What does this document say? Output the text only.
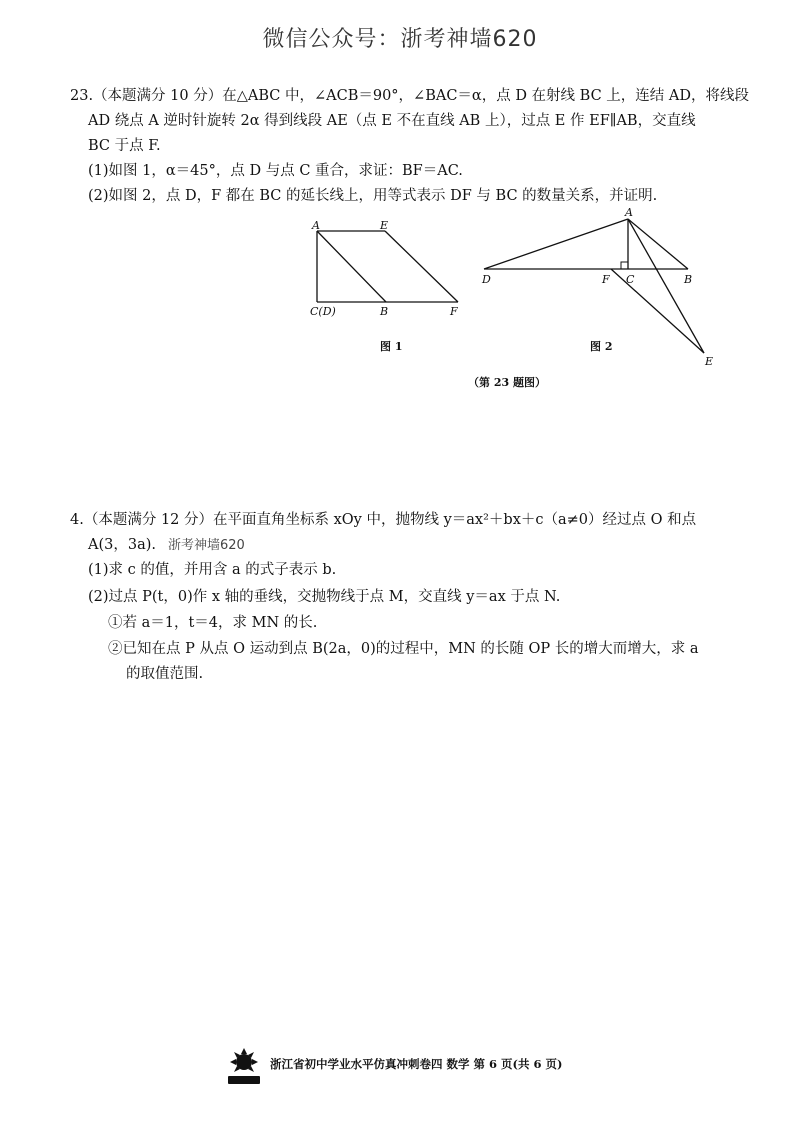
微信公众号：浙考神墙620
23.（本题满分 10 分）在△ABC 中，∠ACB＝90°，∠BAC＝α，点 D 在射线 BC 上，连结 AD，将线段
AD 绕点 A 逆时针旋转 2α 得到线段 AE（点 E 不在直线 AB 上），过点 E 作 EF∥AB，交直线
BC 于点 F.
(1)如图 1，α＝45°，点 D 与点 C 重合，求证：BF＝AC.
(2)如图 2，点 D，F 都在 BC 的延长线上，用等式表示 DF 与 BC 的数量关系，并证明.
A	E
C(D)	B	F
图 1
A
D	F C	B
E
图 2
（第 23 题图）
4.（本题满分 12 分）在平面直角坐标系 xOy 中，抛物线 y＝ax²＋bx＋c（a≠0）经过点 O 和点
A(3，3a). 浙考神墙620
(1)求 c 的值，并用含 a 的式子表示 b.
(2)过点 P(t，0)作 x 轴的垂线，交抛物线于点 M，交直线 y＝ax 于点 N.
①若 a＝1，t＝4，求 MN 的长.
②已知在点 P 从点 O 运动到点 B(2a，0)的过程中，MN 的长随 OP 长的增大而增大，求 a
的取值范围.
浙江省初中学业水平仿真冲刺卷四 数学 第 6 页(共 6 页)
